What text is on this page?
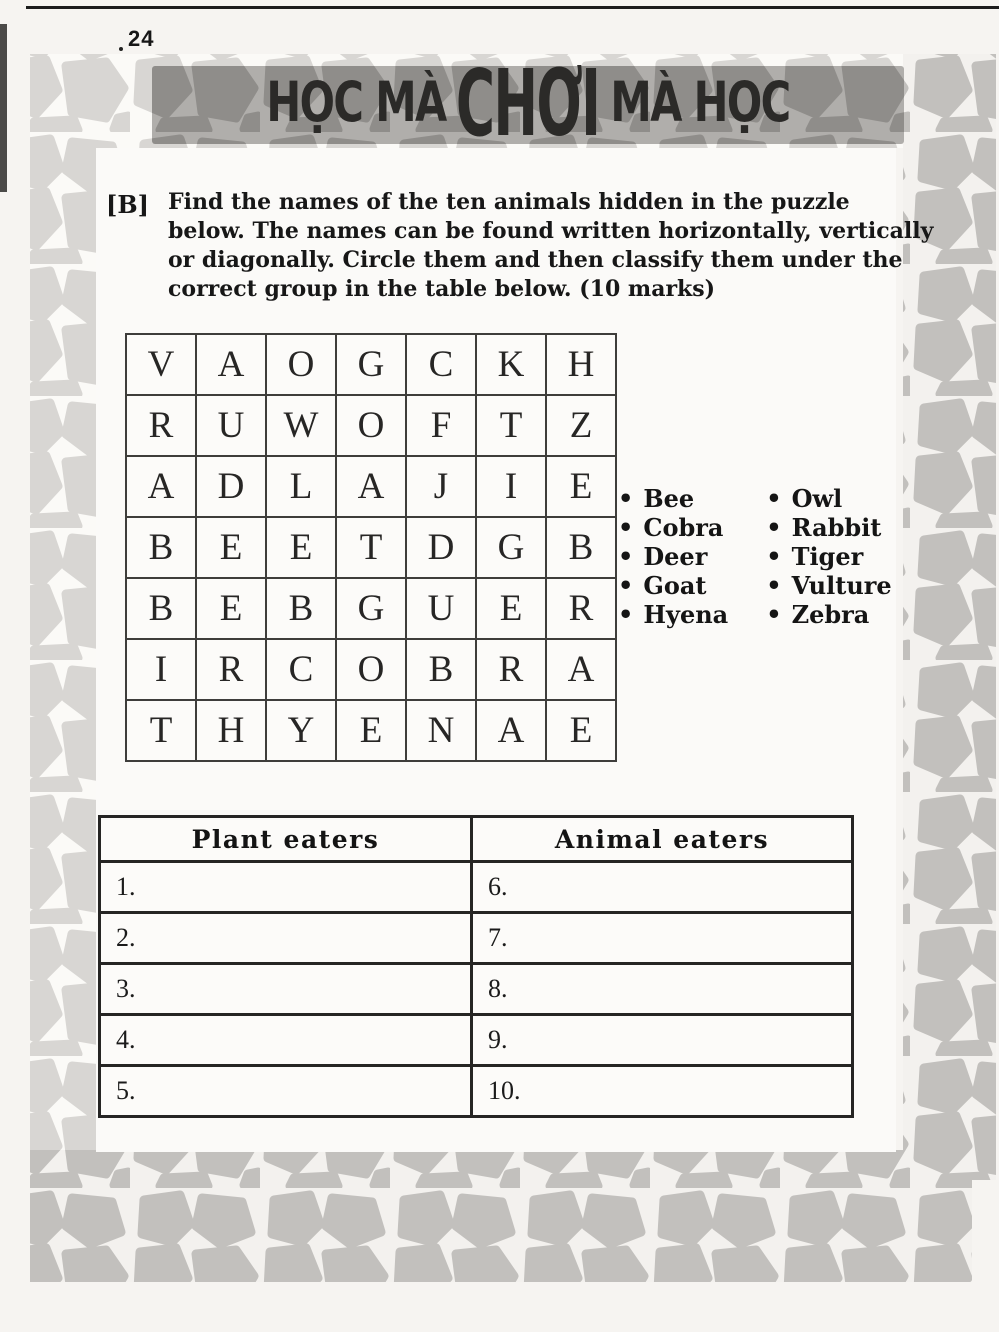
24
HỌC MÀ CHƠI MÀ HỌC
[B] Find the names of the ten animals hidden in the puzzle
below. The names can be found written horizontally, vertically
or diagonally. Circle them and then classify them under the
correct group in the table below. (10 marks)
V	A	O	G	C	K	H
R	U	W	O	F	T	Z
A	D	L	A	J	I	E
B	E	E	T	D	G	B
B	E	B	G	U	E	R
I	R	C	O	B	R	A
T	H	Y	E	N	A	E
• Bee
• Cobra
• Deer
• Goat
• Hyena
• Owl
• Rabbit
• Tiger
• Vulture
• Zebra
Plant eaters	Animal eaters
1.	6.
2.	7.
3.	8.
4.	9.
5.	10.
